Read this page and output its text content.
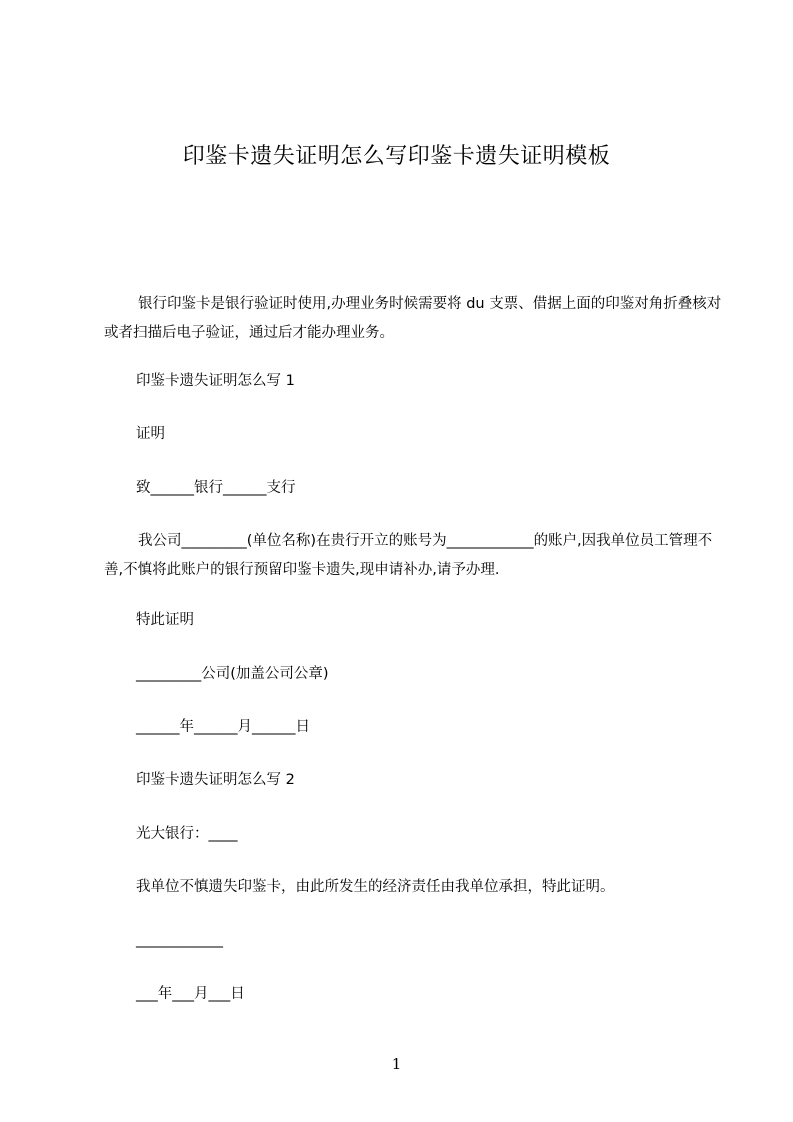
印鉴卡遗失证明怎么写印鉴卡遗失证明模板

银行印鉴卡是银行验证时使用,办理业务时候需要将 du 支票、借据上面的印鉴对角折叠核对或者扫描后电子验证，通过后才能办理业务。

印鉴卡遗失证明怎么写 1

证明

致______银行______支行

我公司_________(单位名称)在贵行开立的账号为____________的账户,因我单位员工管理不善,不慎将此账户的银行预留印鉴卡遗失,现申请补办,请予办理.

特此证明

_________公司(加盖公司公章)

______年______月______日

印鉴卡遗失证明怎么写 2

光大银行：____

我单位不慎遗失印鉴卡，由此所发生的经济责任由我单位承担，特此证明。

____________

___年___月___日

1
